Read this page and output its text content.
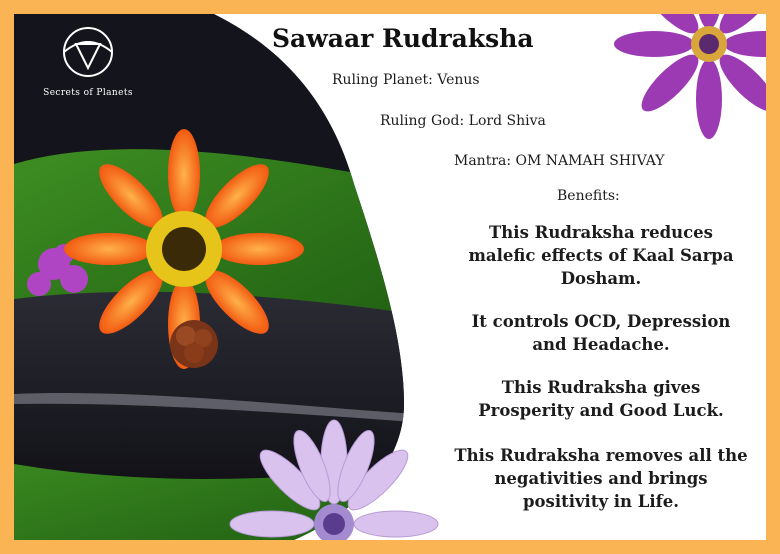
Secrets of Planets
Sawaar Rudraksha
Ruling Planet: Venus
Ruling God: Lord Shiva
Mantra: OM NAMAH SHIVAY
Benefits:
This Rudraksha reduces malefic effects of Kaal Sarpa Dosham.
It controls OCD, Depression and Headache.
This Rudraksha gives Prosperity and Good Luck.
This Rudraksha removes all the negativities and brings positivity in Life.
